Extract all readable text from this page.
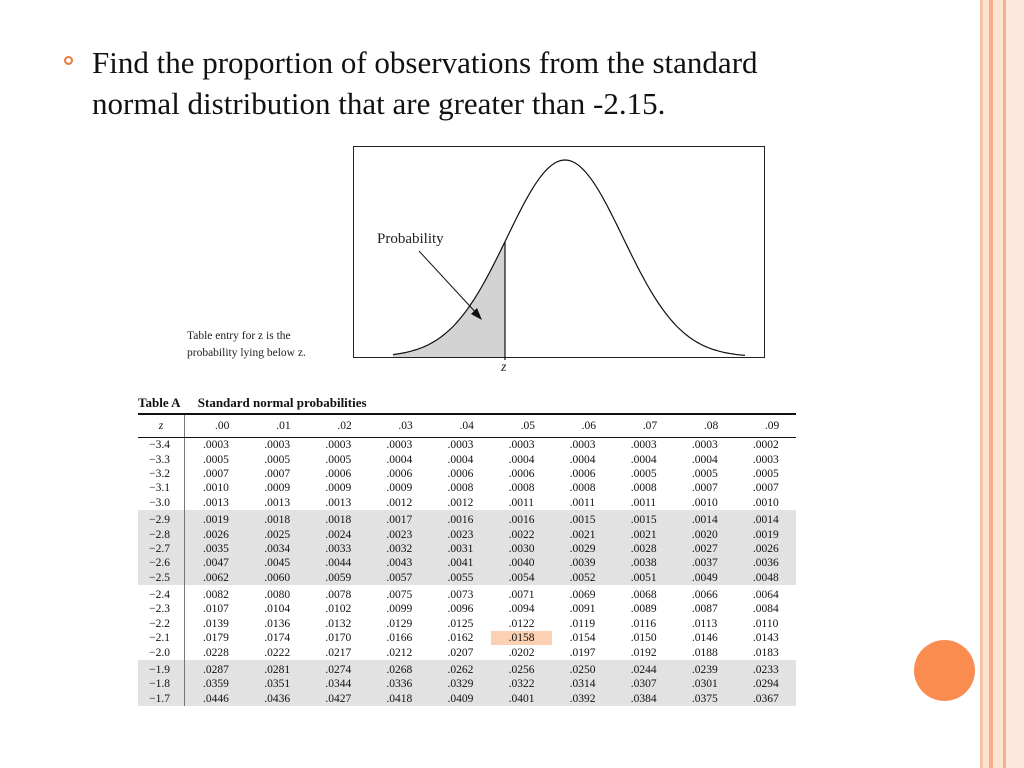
Find the proportion of observations from the standard normal distribution that are greater than -2.15.
Probability
z
Table entry for z is the
probability lying below z.
Table A Standard normal probabilities
z	.00	.01	.02	.03	.04	.05	.06	.07	.08	.09

−3.4	.0003	.0003	.0003	.0003	.0003	.0003	.0003	.0003	.0003	.0002
−3.3	.0005	.0005	.0005	.0004	.0004	.0004	.0004	.0004	.0004	.0003
−3.2	.0007	.0007	.0006	.0006	.0006	.0006	.0006	.0005	.0005	.0005
−3.1	.0010	.0009	.0009	.0009	.0008	.0008	.0008	.0008	.0007	.0007
−3.0	.0013	.0013	.0013	.0012	.0012	.0011	.0011	.0011	.0010	.0010
−2.9	.0019	.0018	.0018	.0017	.0016	.0016	.0015	.0015	.0014	.0014
−2.8	.0026	.0025	.0024	.0023	.0023	.0022	.0021	.0021	.0020	.0019
−2.7	.0035	.0034	.0033	.0032	.0031	.0030	.0029	.0028	.0027	.0026
−2.6	.0047	.0045	.0044	.0043	.0041	.0040	.0039	.0038	.0037	.0036
−2.5	.0062	.0060	.0059	.0057	.0055	.0054	.0052	.0051	.0049	.0048
−2.4	.0082	.0080	.0078	.0075	.0073	.0071	.0069	.0068	.0066	.0064
−2.3	.0107	.0104	.0102	.0099	.0096	.0094	.0091	.0089	.0087	.0084
−2.2	.0139	.0136	.0132	.0129	.0125	.0122	.0119	.0116	.0113	.0110
−2.1	.0179	.0174	.0170	.0166	.0162	.0158	.0154	.0150	.0146	.0143
−2.0	.0228	.0222	.0217	.0212	.0207	.0202	.0197	.0192	.0188	.0183
−1.9	.0287	.0281	.0274	.0268	.0262	.0256	.0250	.0244	.0239	.0233
−1.8	.0359	.0351	.0344	.0336	.0329	.0322	.0314	.0307	.0301	.0294
−1.7	.0446	.0436	.0427	.0418	.0409	.0401	.0392	.0384	.0375	.0367
